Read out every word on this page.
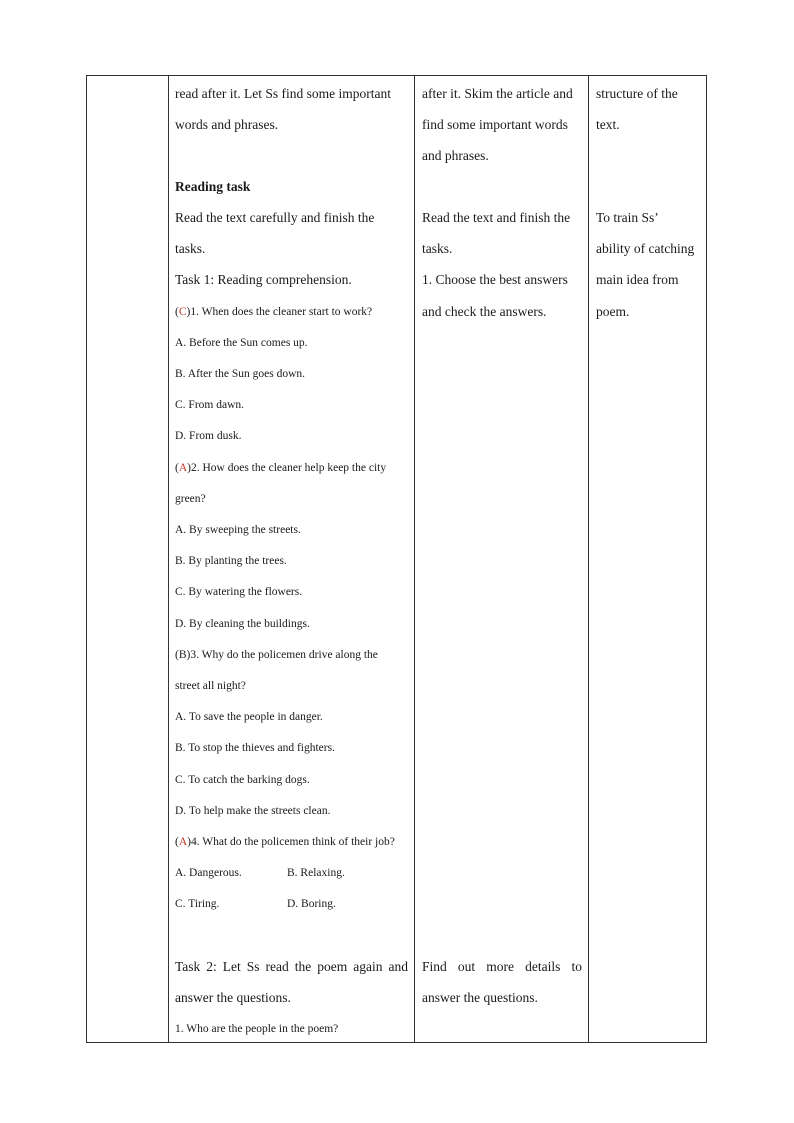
read after it. Let Ss find some important
words and phrases.
Reading task
Read the text carefully and finish the
tasks.
Task 1: Reading comprehension.
(C)1. When does the cleaner start to work?
A. Before the Sun comes up.
B. After the Sun goes down.
C. From dawn.
D. From dusk.
(A)2. How does the cleaner help keep the city
green?
A. By sweeping the streets.
B. By planting the trees.
C. By watering the flowers.
D. By cleaning the buildings.
(B)3. Why do the policemen drive along the
street all night?
A. To save the people in danger.
B. To stop the thieves and fighters.
C. To catch the barking dogs.
D. To help make the streets clean.
(A)4. What do the policemen think of their job?
A. Dangerous.	B. Relaxing.
C. Tiring.	D. Boring.
Task 2: Let Ss read the poem again and
answer the questions.
1. Who are the people in the poem?
after it. Skim the article and
find some important words
and phrases.
Read the text and finish the
tasks.
1. Choose the best answers
and check the answers.
Find out more details to
answer the questions.
structure of the
text.
To train Ss’
ability of catching
main idea from
poem.
